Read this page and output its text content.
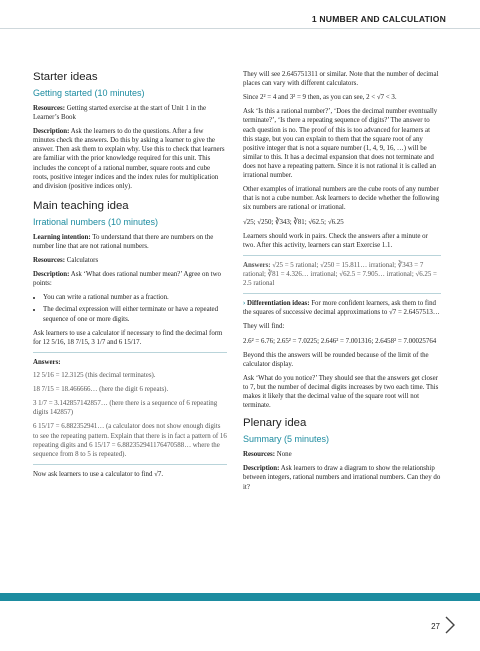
1 NUMBER AND CALCULATION
Starter ideas
Getting started (10 minutes)

Resources: Getting started exercise at the start of Unit 1 in the Learner’s Book

Description: Ask the learners to do the questions. After a few minutes check the answers. Do this by asking a learner to give the answer. Then ask them to explain why. Use this to check that learners are familiar with the prior knowledge required for this unit. This includes the concept of a rational number, square roots and cube roots, positive integer indices and the index rules for multiplication and division (positive indices only).

Main teaching idea
Irrational numbers (10 minutes)

Learning intention: To understand that there are numbers on the number line that are not rational numbers.

Resources: Calculators

Description: Ask ‘What does rational number mean?’ Agree on two points:

• You can write a rational number as a fraction.
• The decimal expression will either terminate or have a repeated sequence of one or more digits.

Ask learners to use a calculator if necessary to find the decimal form for 12 5/16, 18 7/15, 3 1/7 and 6 15/17.

Answers:

12 5/16 = 12.3125 (this decimal terminates).

18 7/15 = 18.466666… (here the digit 6 repeats).

3 1/7 = 3.142857142857… (here there is a sequence of 6 repeating digits 142857)

6 15/17 = 6.882352941… (a calculator does not show enough digits to see the repeating pattern. Explain that there is in fact a pattern of 16 repeating digits and 6 15/17 = 6.882352941176470588… where the sequence from 8 to 5 is repeated).

Now ask learners to use a calculator to find √7.

They will see 2.645751311 or similar. Note that the number of decimal places can vary with different calculators.

Since 2² = 4 and 3² = 9 then, as you can see, 2 < √7 < 3.

Ask ‘Is this a rational number?’, ‘Does the decimal number eventually terminate?’, ‘Is there a repeating sequence of digits?’ The answer to each question is no. The proof of this is too advanced for learners at this stage, but you can explain to them that the square root of any positive integer that is not a square number (1, 4, 9, 16, …) will be similar to this. It has a decimal expansion that does not terminate and does not have a repeating pattern. Since it is not rational it is called an irrational number.

Other examples of irrational numbers are the cube roots of any number that is not a cube number. Ask learners to decide whether the following six numbers are rational or irrational.

√25; √250; ∛343; ∛81; √62.5; √6.25

Learners should work in pairs. Check the answers after a minute or two. After this activity, learners can start Exercise 1.1.

Answers: √25 = 5 rational; √250 = 15.811… irrational; ∛343 = 7 rational; ∛81 = 4.326… irrational; √62.5 = 7.905… irrational; √6.25 = 2.5 rational

› Differentiation ideas: For more confident learners, ask them to find the squares of successive decimal approximations to √7 = 2.6457513…

They will find:

2.6² = 6.76; 2.65² = 7.0225; 2.646² = 7.001316; 2.6458² = 7.00025764

Beyond this the answers will be rounded because of the limit of the calculator display.

Ask ‘What do you notice?’ They should see that the answers get closer to 7, but the number of decimal digits increases by two each time. This makes it likely that the decimal value of the square root will not terminate.

Plenary idea
Summary (5 minutes)

Resources: None

Description: Ask learners to draw a diagram to show the relationship between integers, rational numbers and irrational numbers. Can they do it?

27
